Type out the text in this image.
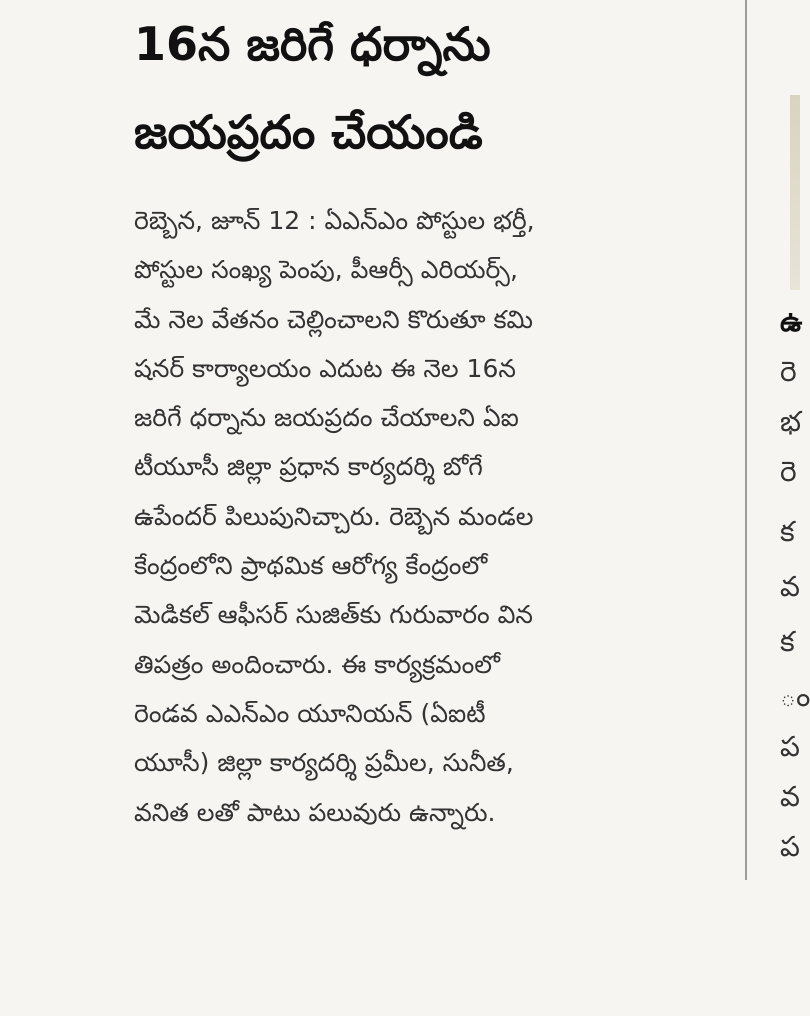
16న జరిగే ధర్నాను
జయప్రదం చేయండి
రెబ్బెన, జూన్ 12 : ఏఎన్ఎం పోస్టుల భర్తీ,
పోస్టుల సంఖ్య పెంపు, పీఆర్సీ ఎరియర్స్,
మే నెల వేతనం చెల్లించాలని కొరుతూ కమి
షనర్ కార్యాలయం ఎదుట ఈ నెల 16న
జరిగే ధర్నాను జయప్రదం చేయాలని ఏఐ
టీయూసీ జిల్లా ప్రధాన కార్యదర్శి బోగే
ఉపేందర్ పిలుపునిచ్చారు. రెబ్బెన మండల
కేంద్రంలోని ప్రాథమిక ఆరోగ్య కేంద్రంలో
మెడికల్ ఆఫీసర్ సుజిత్‌కు గురువారం విన
తిపత్రం అందించారు. ఈ కార్యక్రమంలో
రెండవ ఎఎన్ఎం యూనియన్ (ఏఐటీ
యూసీ) జిల్లా కార్యదర్శి ప్రమీల, సునీత,
వనిత లతో పాటు పలువురు ఉన్నారు.
ఉ
రె
భ
రె
క
వ
క
ం
ప
వ
ప
